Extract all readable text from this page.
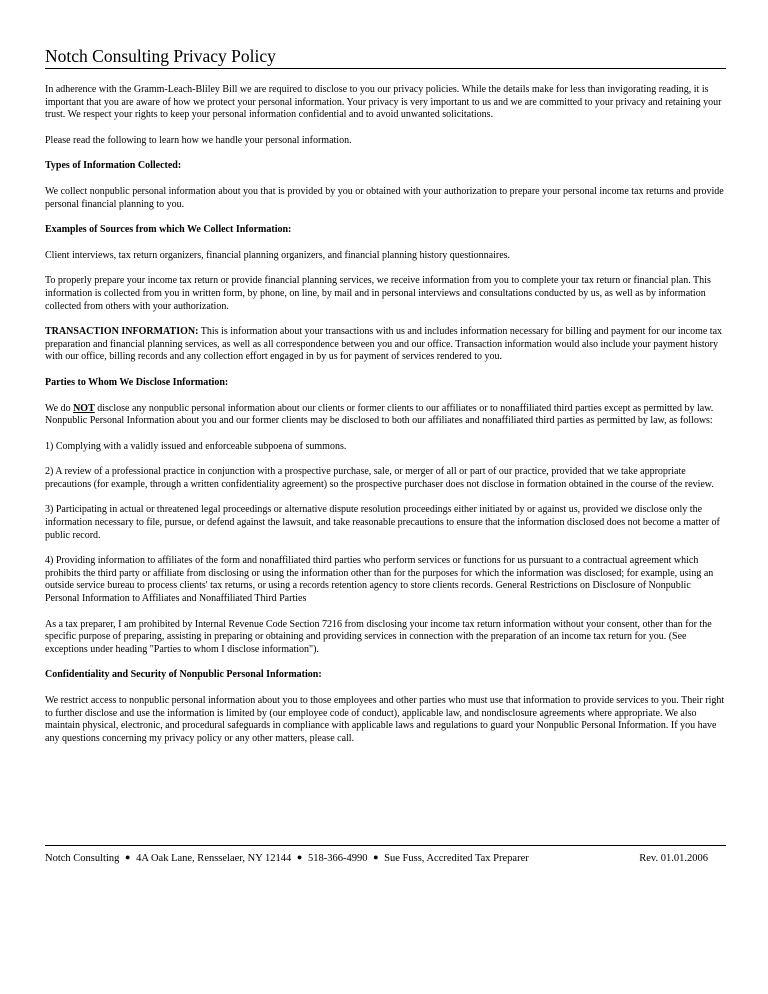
Notch Consulting Privacy Policy

In adherence with the Gramm-Leach-Bliley Bill we are required to disclose to you our privacy policies. While the details make for less than invigorating reading, it is important that you are aware of how we protect your personal information. Your privacy is very important to us and we are committed to your privacy and retaining your trust. We respect your rights to keep your personal information confidential and to avoid unwanted solicitations.

Please read the following to learn how we handle your personal information.

Types of Information Collected:

We collect nonpublic personal information about you that is provided by you or obtained with your authorization to prepare your personal income tax returns and provide personal financial planning to you.

Examples of Sources from which We Collect Information:

Client interviews, tax return organizers, financial planning organizers, and financial planning history questionnaires.

To properly prepare your income tax return or provide financial planning services, we receive information from you to complete your tax return or financial plan. This information is collected from you in written form, by phone, on line, by mail and in personal interviews and consultations conducted by us, as well as by information collected from others with your authorization.

TRANSACTION INFORMATION: This is information about your transactions with us and includes information necessary for billing and payment for our income tax preparation and financial planning services, as well as all correspondence between you and our office. Transaction information would also include your payment history with our office, billing records and any collection effort engaged in by us for payment of services rendered to you.

Parties to Whom We Disclose Information:

We do NOT disclose any nonpublic personal information about our clients or former clients to our affiliates or to nonaffiliated third parties except as permitted by law. Nonpublic Personal Information about you and our former clients may be disclosed to both our affiliates and nonaffiliated third parties as permitted by law, as follows:

1) Complying with a validly issued and enforceable subpoena of summons.

2) A review of a professional practice in conjunction with a prospective purchase, sale, or merger of all or part of our practice, provided that we take appropriate precautions (for example, through a written confidentiality agreement) so the prospective purchaser does not disclose in formation obtained in the course of the review.

3) Participating in actual or threatened legal proceedings or alternative dispute resolution proceedings either initiated by or against us, provided we disclose only the information necessary to file, pursue, or defend against the lawsuit, and take reasonable precautions to ensure that the information disclosed does not become a matter of public record.

4) Providing information to affiliates of the form and nonaffiliated third parties who perform services or functions for us pursuant to a contractual agreement which prohibits the third party or affiliate from disclosing or using the information other than for the purposes for which the information was disclosed; for example, using an outside service bureau to process clients' tax returns, or using a records retention agency to store clients records. General Restrictions on Disclosure of Nonpublic Personal Information to Affiliates and Nonaffiliated Third Parties

As a tax preparer, I am prohibited by Internal Revenue Code Section 7216 from disclosing your income tax return information without your consent, other than for the specific purpose of preparing, assisting in preparing or obtaining and providing services in connection with the preparation of an income tax return for you. (See exceptions under heading "Parties to whom I disclose information").

Confidentiality and Security of Nonpublic Personal Information:

We restrict access to nonpublic personal information about you to those employees and other parties who must use that information to provide services to you. Their right to further disclose and use the information is limited by (our employee code of conduct), applicable law, and nondisclosure agreements where appropriate. We also maintain physical, electronic, and procedural safeguards in compliance with applicable laws and regulations to guard your Nonpublic Personal Information. If you have any questions concerning my privacy policy or any other matters, please call.

Notch Consulting ● 4A Oak Lane, Rensselaer, NY 12144 ● 518-366-4990 ● Sue Fuss, Accredited Tax Preparer	Rev. 01.01.2006
